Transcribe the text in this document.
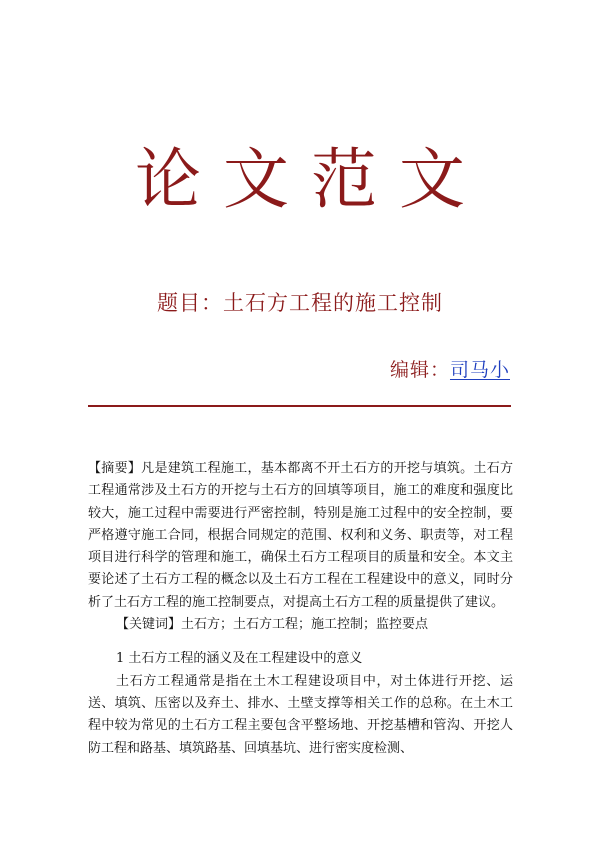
论文范文
题目：土石方工程的施工控制
编辑：司马小

【摘要】凡是建筑工程施工，基本都离不开土石方的开挖与填筑。土石方工程通常涉及土石方的开挖与土石方的回填等项目，施工的难度和强度比较大，施工过程中需要进行严密控制，特别是施工过程中的安全控制，要严格遵守施工合同，根据合同规定的范围、权利和义务、职责等，对工程项目进行科学的管理和施工，确保土石方工程项目的质量和安全。本文主要论述了土石方工程的概念以及土石方工程在工程建设中的意义，同时分析了土石方工程的施工控制要点，对提高土石方工程的质量提供了建议。

【关键词】土石方；土石方工程；施工控制；监控要点

1 土石方工程的涵义及在工程建设中的意义

土石方工程通常是指在土木工程建设项目中，对土体进行开挖、运送、填筑、压密以及弃土、排水、土壁支撑等相关工作的总称。在土木工程中较为常见的土石方工程主要包含平整场地、开挖基槽和管沟、开挖人防工程和路基、填筑路基、回填基坑、进行密实度检测、
